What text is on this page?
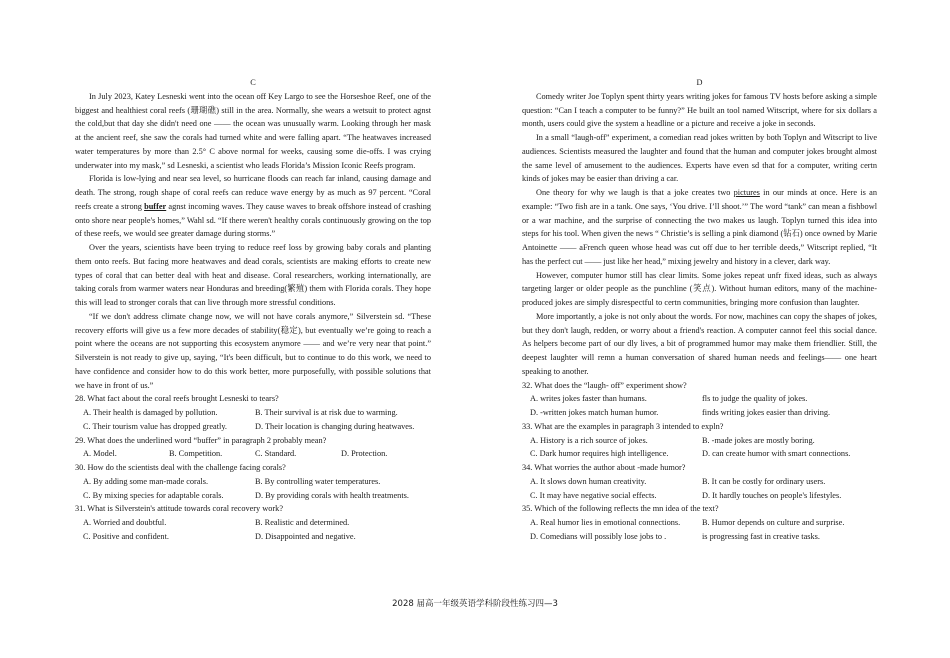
C

In July 2023, Katey Lesneski went into the ocean off Key Largo to see the Horseshoe Reef, one of the biggest and healthiest coral reefs (珊瑚礁) still in the area. Normally, she wears a wetsuit to protect agnst the cold,but that day she didn't need one —— the ocean was unusually warm. Looking through her mask at the ancient reef, she saw the corals had turned white and were falling apart. “The heatwaves increased water temperatures by more than 2.5° C above normal for weeks, causing some die-offs. I was crying underwater into my mask,” sd Lesneski, a scientist who leads Florida’s Mission Iconic Reefs program.

Florida is low-lying and near sea level, so hurricane floods can reach far inland, causing damage and death. The strong, rough shape of coral reefs can reduce wave energy by as much as 97 percent. “Coral reefs create a strong buffer agnst incoming waves. They cause waves to break offshore instead of crashing onto shore near people's homes,” Wahl sd. “If there weren't healthy corals continuously growing on the top of these reefs, we would see greater damage during storms.”

Over the years, scientists have been trying to reduce reef loss by growing baby corals and planting them onto reefs. But facing more heatwaves and dead corals, scientists are making efforts to create new types of coral that can better deal with heat and disease. Coral researchers, working internationally, are taking corals from warmer waters near Honduras and breeding(繁殖) them with Florida corals. They hope this will lead to stronger corals that can live through more stressful conditions.

“If we don't address climate change now, we will not have corals anymore,” Silverstein sd. “These recovery efforts will give us a few more decades of stability(稳定), but eventually we’re going to reach a point where the oceans are not supporting this ecosystem anymore —— and we’re very near that point.” Silverstein is not ready to give up, saying, “It's been difficult, but to continue to do this work, we need to have confidence and consider how to do this work better, more purposefully, with possible solutions that we have in front of us.”

28. What fact about the coral reefs brought Lesneski to tears?

A. Their health is damaged by pollution.	B. Their survival is at risk due to warming.
C. Their tourism value has dropped greatly.	D. Their location is changing during heatwaves.

29. What does the underlined word “buffer” in paragraph 2 probably mean?

A. Model.	B. Competition.	C. Standard.	D. Protection.

30. How do the scientists deal with the challenge facing corals?

A. By adding some man-made corals.	B. By controlling water temperatures.
C. By mixing species for adaptable corals.	D. By providing corals with health treatments.

31. What is Silverstein's attitude towards coral recovery work?

A. Worried and doubtful.	B. Realistic and determined.
C. Positive and confident.	D. Disappointed and negative.
D

Comedy writer Joe Toplyn spent thirty years writing jokes for famous TV hosts before asking a simple question: “Can I teach a computer to be funny?” He built an tool named Witscript, where for six dollars a month, users could give the system a headline or a picture and receive a joke in seconds.

In a small “laugh-off” experiment, a comedian read jokes written by both Toplyn and Witscript to live audiences. Scientists measured the laughter and found that the human and computer jokes brought almost the same level of amusement to the audiences. Experts have even sd that for a computer, writing certn kinds of jokes may be easier than driving a car.

One theory for why we laugh is that a joke creates two pictures in our minds at once. Here is an example: “Two fish are in a tank. One says, ‘You drive. I’ll shoot.’” The word “tank” can mean a fishbowl or a war machine, and the surprise of connecting the two makes us laugh. Toplyn turned this idea into steps for his tool. When given the news “ Christie’s is selling a pink diamond (钻石) once owned by Marie Antoinette —— aFrench queen whose head was cut off due to her terrible deeds,” Witscript replied, “It has the perfect cut —— just like her head,” mixing jewelry and history in a clever, dark way.

However, computer humor still has clear limits. Some jokes repeat unfr fixed ideas, such as always targeting larger or older people as the punchline (笑点). Without human editors, many of the machine-produced jokes are simply disrespectful to certn communities, bringing more confusion than laughter.

More importantly, a joke is not only about the words. For now, machines can copy the shapes of jokes, but they don't laugh, redden, or worry about a friend's reaction. A computer cannot feel this social dance. As helpers become part of our dly lives, a bit of programmed humor may make them friendlier. Still, the deepest laughter will remn a human conversation of shared human needs and feelings—— one heart speaking to another.

32. What does the “laugh- off” experiment show?

A. writes jokes faster than humans.	fls to judge the quality of jokes.
D. -written jokes match human humor.	finds writing jokes easier than driving.

33. What are the examples in paragraph 3 intended to expln?

A. History is a rich source of jokes.	B. -made jokes are mostly boring.
C. Dark humor requires high intelligence.	D. can create humor with smart connections.

34. What worries the author about -made humor?

A. It slows down human creativity.	B. It can be costly for ordinary users.
C. It may have negative social effects.	D. It hardly touches on people's lifestyles.

35. Which of the following reflects the mn idea of the text?

A. Real humor lies in emotional connections.	B. Humor depends on culture and surprise.
D. Comedians will possibly lose jobs to .	is progressing fast in creative tasks.
2028 届高一年级英语学科阶段性练习四—3
